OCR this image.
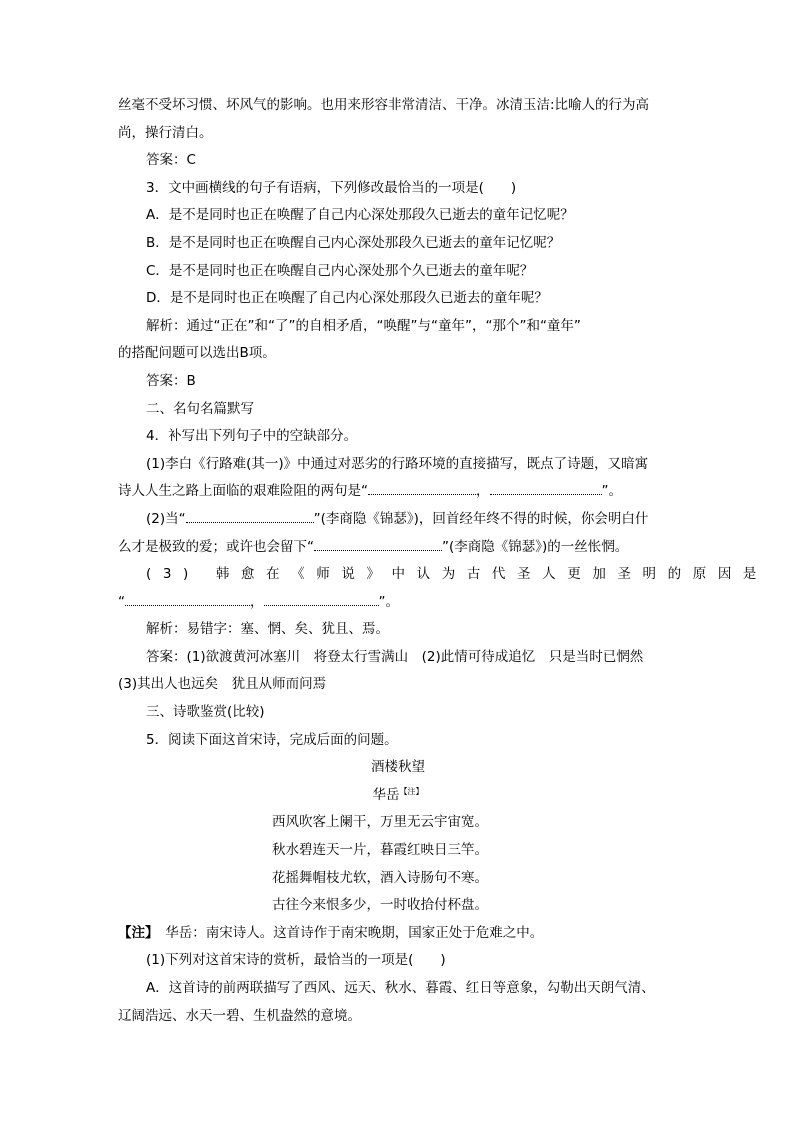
丝毫不受坏习惯、坏风气的影响。也用来形容非常清洁、干净。冰清玉洁:比喻人的行为高

尚，操行清白。

答案：C

3．文中画横线的句子有语病，下列修改最恰当的一项是(　　)

A．是不是同时也正在唤醒了自己内心深处那段久已逝去的童年记忆呢？

B．是不是同时也正在唤醒自己内心深处那段久已逝去的童年记忆呢？

C．是不是同时也正在唤醒自己内心深处那个久已逝去的童年呢？

D．是不是同时也正在唤醒了自己内心深处那段久已逝去的童年呢？

解析：通过“正在”和“了”的自相矛盾，“唤醒”与“童年”，“那个”和“童年”

的搭配问题可以选出B项。

答案：B

二、名句名篇默写

4．补写出下列句子中的空缺部分。

(1)李白《行路难(其一)》中通过对恶劣的行路环境的直接描写，既点了诗题，又暗寓

诗人人生之路上面临的艰难险阻的两句是“	，	”。

(2)当“	”(李商隐《锦瑟》)，回首经年终不得的时候，你会明白什

么才是极致的爱；或许也会留下“	”(李商隐《锦瑟》)的一丝怅惘。

(3) 韩愈在《师说》中认为古代圣人更加圣明的原因是

“	，	”。

解析：易错字：塞、惘、矣、犹且、焉。

答案：(1)欲渡黄河冰塞川　将登太行雪满山　(2)此情可待成追忆　只是当时已惘然

(3)其出人也远矣　犹且从师而问焉

三、诗歌鉴赏(比较)

5．阅读下面这首宋诗，完成后面的问题。

酒楼秋望

华岳【注】

西风吹客上阑干，万里无云宇宙宽。

秋水碧连天一片，暮霞红映日三竿。

花摇舞帽枝尤软，酒入诗肠句不寒。

古往今来恨多少，一时收拾付杯盘。

【注】　华岳：南宋诗人。这首诗作于南宋晚期，国家正处于危难之中。

(1)下列对这首宋诗的赏析，最恰当的一项是(　　)

A．这首诗的前两联描写了西风、远天、秋水、暮霞、红日等意象，勾勒出天朗气清、

辽阔浩远、水天一碧、生机盎然的意境。
